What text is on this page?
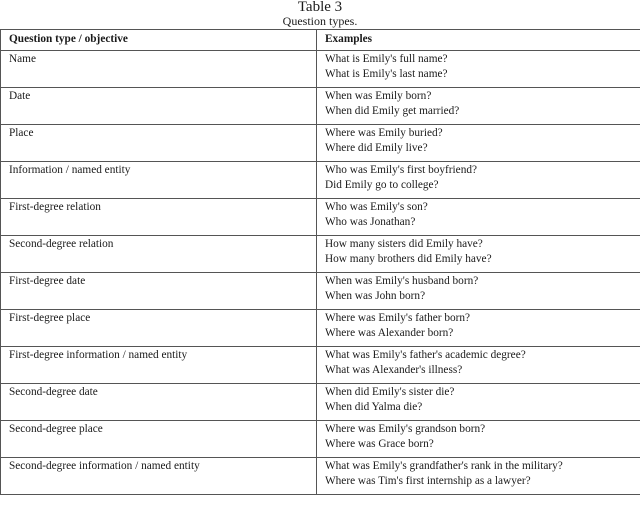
Table 3
Question types.
Question type / objective	Examples
Name	What is Emily's full name?
What is Emily's last name?

Date	When was Emily born?
When did Emily get married?

Place	Where was Emily buried?
Where did Emily live?

Information / named entity	Who was Emily's first boyfriend?
Did Emily go to college?

First-degree relation	Who was Emily's son?
Who was Jonathan?

Second-degree relation	How many sisters did Emily have?
How many brothers did Emily have?

First-degree date	When was Emily's husband born?
When was John born?

First-degree place	Where was Emily's father born?
Where was Alexander born?

First-degree information / named entity	What was Emily's father's academic degree?
What was Alexander's illness?

Second-degree date	When did Emily's sister die?
When did Yalma die?

Second-degree place	Where was Emily's grandson born?
Where was Grace born?

Second-degree information / named entity	What was Emily's grandfather's rank in the military?
Where was Tim's first internship as a lawyer?
